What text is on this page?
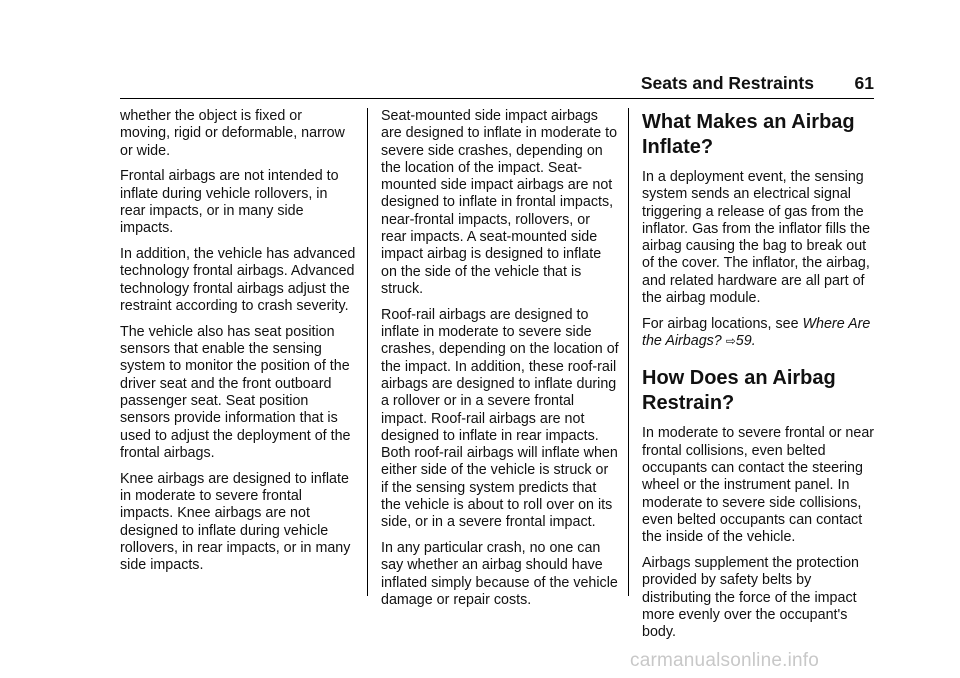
Seats and Restraints 61

whether the object is fixed or moving, rigid or deformable, narrow or wide.

Frontal airbags are not intended to inflate during vehicle rollovers, in rear impacts, or in many side impacts.

In addition, the vehicle has advanced technology frontal airbags. Advanced technology frontal airbags adjust the restraint according to crash severity.

The vehicle also has seat position sensors that enable the sensing system to monitor the position of the driver seat and the front outboard passenger seat. Seat position sensors provide information that is used to adjust the deployment of the frontal airbags.

Knee airbags are designed to inflate in moderate to severe frontal impacts. Knee airbags are not designed to inflate during vehicle rollovers, in rear impacts, or in many side impacts.

Seat-mounted side impact airbags are designed to inflate in moderate to severe side crashes, depending on the location of the impact. Seat-mounted side impact airbags are not designed to inflate in frontal impacts, near-frontal impacts, rollovers, or rear impacts. A seat-mounted side impact airbag is designed to inflate on the side of the vehicle that is struck.

Roof-rail airbags are designed to inflate in moderate to severe side crashes, depending on the location of the impact. In addition, these roof-rail airbags are designed to inflate during a rollover or in a severe frontal impact. Roof-rail airbags are not designed to inflate in rear impacts. Both roof-rail airbags will inflate when either side of the vehicle is struck or if the sensing system predicts that the vehicle is about to roll over on its side, or in a severe frontal impact.

In any particular crash, no one can say whether an airbag should have inflated simply because of the vehicle damage or repair costs.

What Makes an Airbag Inflate?

In a deployment event, the sensing system sends an electrical signal triggering a release of gas from the inflator. Gas from the inflator fills the airbag causing the bag to break out of the cover. The inflator, the airbag, and related hardware are all part of the airbag module.

For airbag locations, see Where Are the Airbags? ⇨59.

How Does an Airbag Restrain?

In moderate to severe frontal or near frontal collisions, even belted occupants can contact the steering wheel or the instrument panel. In moderate to severe side collisions, even belted occupants can contact the inside of the vehicle.

Airbags supplement the protection provided by safety belts by distributing the force of the impact more evenly over the occupant's body.

carmanualsonline.info
